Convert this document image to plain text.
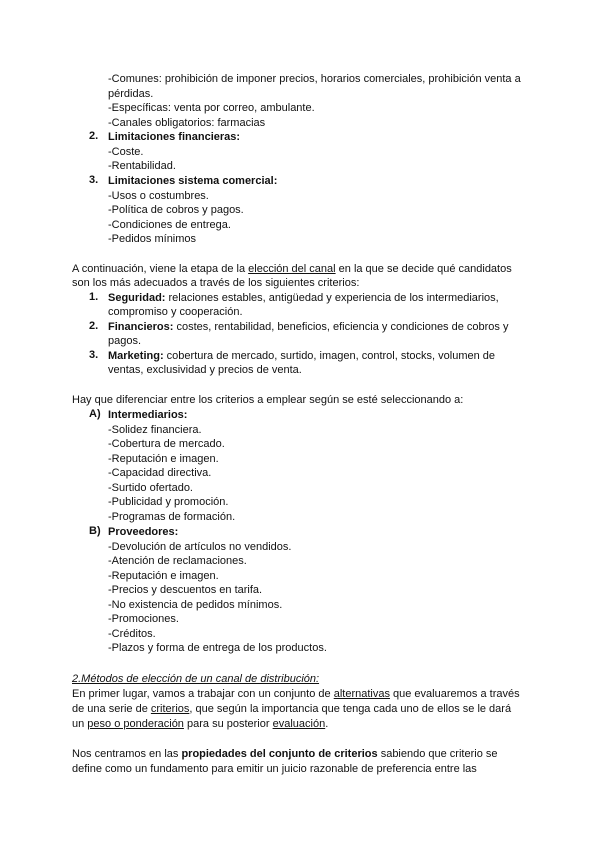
-Comunes: prohibición de imponer precios, horarios comerciales, prohibición venta a
pérdidas.
-Específicas: venta por correo, ambulante.
-Canales obligatorios: farmacias
2. Limitaciones financieras:
-Coste.
-Rentabilidad.
3. Limitaciones sistema comercial:
-Usos o costumbres.
-Política de cobros y pagos.
-Condiciones de entrega.
-Pedidos mínimos
A continuación, viene la etapa de la elección del canal en la que se decide qué candidatos
son los más adecuados a través de los siguientes criterios:
1. Seguridad: relaciones estables, antigüedad y experiencia de los intermediarios,
compromiso y cooperación.
2. Financieros: costes, rentabilidad, beneficios, eficiencia y condiciones de cobros y
pagos.
3. Marketing: cobertura de mercado, surtido, imagen, control, stocks, volumen de
ventas, exclusividad y precios de venta.
Hay que diferenciar entre los criterios a emplear según se esté seleccionando a:
A) Intermediarios:
-Solidez financiera.
-Cobertura de mercado.
-Reputación e imagen.
-Capacidad directiva.
-Surtido ofertado.
-Publicidad y promoción.
-Programas de formación.
B) Proveedores:
-Devolución de artículos no vendidos.
-Atención de reclamaciones.
-Reputación e imagen.
-Precios y descuentos en tarifa.
-No existencia de pedidos mínimos.
-Promociones.
-Créditos.
-Plazos y forma de entrega de los productos.
2.Métodos de elección de un canal de distribución:
En primer lugar, vamos a trabajar con un conjunto de alternativas que evaluaremos a través
de una serie de criterios, que según la importancia que tenga cada uno de ellos se le dará
un peso o ponderación para su posterior evaluación.
Nos centramos en las propiedades del conjunto de criterios sabiendo que criterio se
define como un fundamento para emitir un juicio razonable de preferencia entre las
